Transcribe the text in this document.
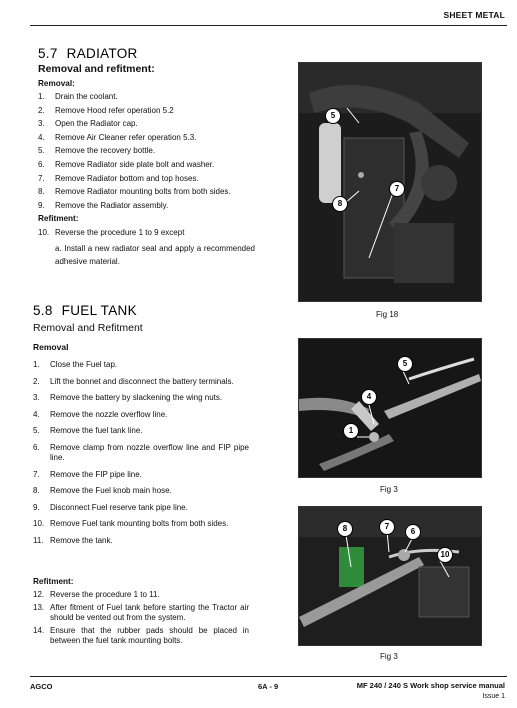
SHEET METAL
5.7 RADIATOR
Removal and refitment:
Removal:
1.	Drain the coolant.
2.	Remove Hood refer operation 5.2
3.	Open the Radiator cap.
4.	Remove Air Cleaner refer operation 5.3.
5.	Remove the recovery bottle.
6.	Remove Radiator side plate bolt and washer.
7.	Remove Radiator bottom and top hoses.
8.	Remove Radiator mounting bolts from both sides.
9.	Remove the Radiator assembly.
Refitment:
10. Reverse the procedure 1 to 9 except
a. Install a new radiator seal and apply a recommended adhesive material.
5
7
8
Fig 18
5.8 FUEL TANK
Removal and Refitment
Removal
1.	Close the Fuel tap.
2.	Lift the bonnet and disconnect the battery terminals.
3.	Remove the battery by slackening the wing nuts.
4.	Remove the nozzle overflow line.
5.	Remove the fuel tank line.
6.	Remove clamp from nozzle overflow line and FIP pipe line.
7.	Remove the FIP pipe line.
8.	Remove the Fuel knob main hose.
9.	Disconnect Fuel reserve tank pipe line.
10. Remove Fuel tank mounting bolts from both sides.
11. Remove the tank.
Refitment:
12. Reverse the procedure 1 to 11.
13. After fitment of Fuel tank before starting the Tractor air should be vented out from the system.
14. Ensure that the rubber pads should be placed in between the fuel tank mounting bolts.
5
4
1
Fig 3
8	7
6
10
Fig 3
AGCO	6A - 9	MF 240 / 240 S Work shop service manual
Issue 1
